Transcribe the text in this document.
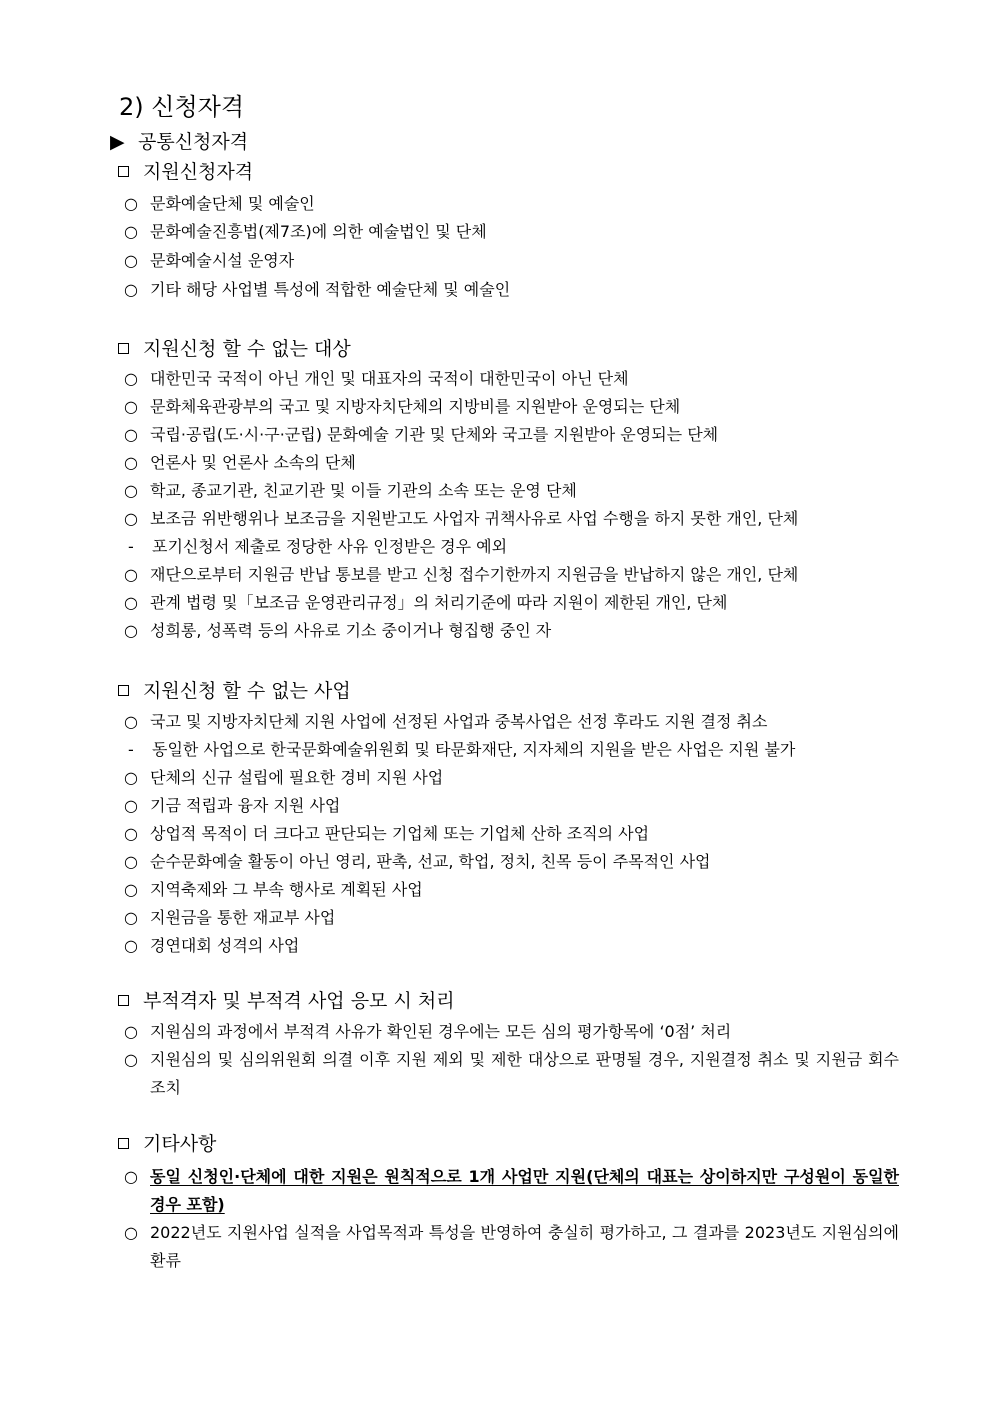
2) 신청자격
▶ 공통신청자격
지원신청자격
○ 문화예술단체 및 예술인
○ 문화예술진흥법(제7조)에 의한 예술법인 및 단체
○ 문화예술시설 운영자
○ 기타 해당 사업별 특성에 적합한 예술단체 및 예술인
지원신청 할 수 없는 대상
○ 대한민국 국적이 아닌 개인 및 대표자의 국적이 대한민국이 아닌 단체
○ 문화체육관광부의 국고 및 지방자치단체의 지방비를 지원받아 운영되는 단체
○ 국립·공립(도·시·구·군립) 문화예술 기관 및 단체와 국고를 지원받아 운영되는 단체
○ 언론사 및 언론사 소속의 단체
○ 학교, 종교기관, 친교기관 및 이들 기관의 소속 또는 운영 단체
○ 보조금 위반행위나 보조금을 지원받고도 사업자 귀책사유로 사업 수행을 하지 못한 개인, 단체
- 포기신청서 제출로 정당한 사유 인정받은 경우 예외
○ 재단으로부터 지원금 반납 통보를 받고 신청 접수기한까지 지원금을 반납하지 않은 개인, 단체
○ 관계 법령 및「보조금 운영관리규정」의 처리기준에 따라 지원이 제한된 개인, 단체
○ 성희롱, 성폭력 등의 사유로 기소 중이거나 형집행 중인 자
지원신청 할 수 없는 사업
○ 국고 및 지방자치단체 지원 사업에 선정된 사업과 중복사업은 선정 후라도 지원 결정 취소
- 동일한 사업으로 한국문화예술위원회 및 타문화재단, 지자체의 지원을 받은 사업은 지원 불가
○ 단체의 신규 설립에 필요한 경비 지원 사업
○ 기금 적립과 융자 지원 사업
○ 상업적 목적이 더 크다고 판단되는 기업체 또는 기업체 산하 조직의 사업
○ 순수문화예술 활동이 아닌 영리, 판촉, 선교, 학업, 정치, 친목 등이 주목적인 사업
○ 지역축제와 그 부속 행사로 계획된 사업
○ 지원금을 통한 재교부 사업
○ 경연대회 성격의 사업
부적격자 및 부적격 사업 응모 시 처리
○ 지원심의 과정에서 부적격 사유가 확인된 경우에는 모든 심의 평가항목에 ‘0점’ 처리
○ 지원심의 및 심의위원회 의결 이후 지원 제외 및 제한 대상으로 판명될 경우, 지원결정 취소 및 지원금 회수 조치
기타사항
○ 동일 신청인·단체에 대한 지원은 원칙적으로 1개 사업만 지원(단체의 대표는 상이하지만 구성원이 동일한 경우 포함)
○ 2022년도 지원사업 실적을 사업목적과 특성을 반영하여 충실히 평가하고, 그 결과를 2023년도 지원심의에 환류
